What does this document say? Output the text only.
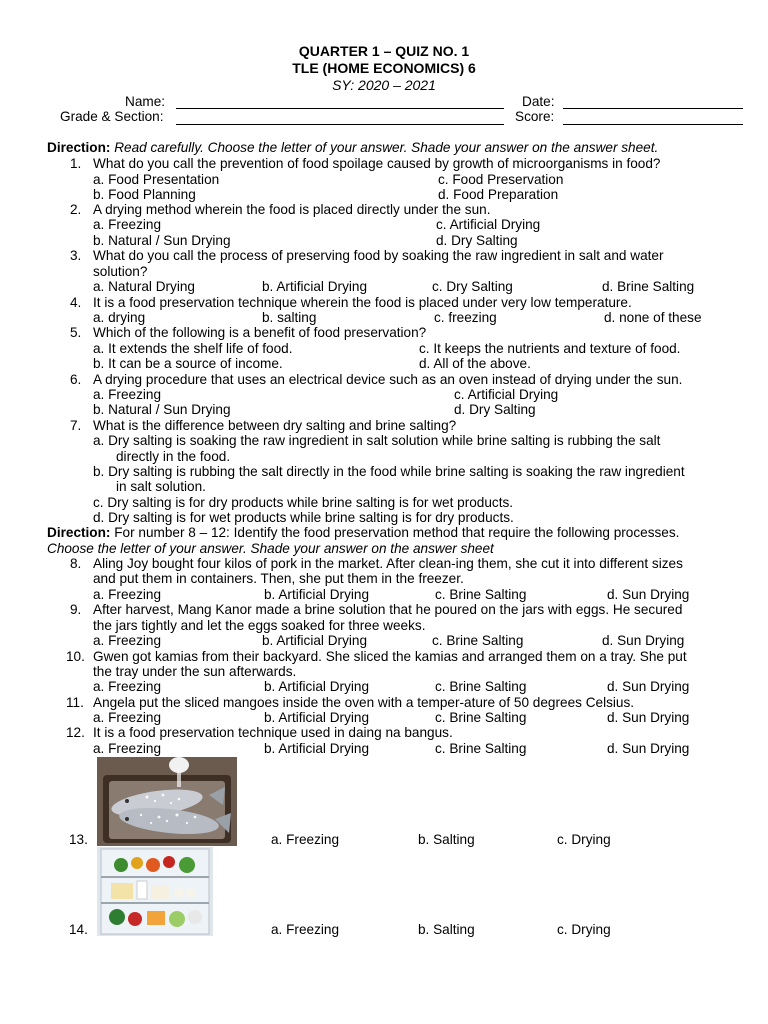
QUARTER 1 – QUIZ NO. 1
TLE (HOME ECONOMICS) 6
SY: 2020 – 2021
Name:	Date:
Grade & Section:	Score:
Direction: Read carefully. Choose the letter of your answer. Shade your answer on the answer sheet.
1. What do you call the prevention of food spoilage caused by growth of microorganisms in food?
a. Food Presentation	c. Food Preservation
b. Food Planning	d. Food Preparation
2. A drying method wherein the food is placed directly under the sun.
a. Freezing	c. Artificial Drying
b. Natural / Sun Drying	d. Dry Salting
3. What do you call the process of preserving food by soaking the raw ingredient in salt and water
solution?
a. Natural Drying	b. Artificial Drying	c. Dry Salting	d. Brine Salting
4. It is a food preservation technique wherein the food is placed under very low temperature.
a. drying	b. salting	c. freezing	d. none of these
5. Which of the following is a benefit of food preservation?
a. It extends the shelf life of food.	c. It keeps the nutrients and texture of food.
b. It can be a source of income.	d. All of the above.
6. A drying procedure that uses an electrical device such as an oven instead of drying under the sun.
a. Freezing	c. Artificial Drying
b. Natural / Sun Drying	d. Dry Salting
7. What is the difference between dry salting and brine salting?
a. Dry salting is soaking the raw ingredient in salt solution while brine salting is rubbing the salt
directly in the food.
b. Dry salting is rubbing the salt directly in the food while brine salting is soaking the raw ingredient
in salt solution.
c. Dry salting is for dry products while brine salting is for wet products.
d. Dry salting is for wet products while brine salting is for dry products.
Direction: For number 8 – 12: Identify the food preservation method that require the following processes.
Choose the letter of your answer. Shade your answer on the answer sheet
8. Aling Joy bought four kilos of pork in the market. After clean-ing them, she cut it into different sizes
and put them in containers. Then, she put them in the freezer.
a. Freezing	b. Artificial Drying	c. Brine Salting	d. Sun Drying
9. After harvest, Mang Kanor made a brine solution that he poured on the jars with eggs. He secured
the jars tightly and let the eggs soaked for three weeks.
a. Freezing	b. Artificial Drying	c. Brine Salting	d. Sun Drying
10. Gwen got kamias from their backyard. She sliced the kamias and arranged them on a tray. She put
the tray under the sun afterwards.
a. Freezing	b. Artificial Drying	c. Brine Salting	d. Sun Drying
11. Angela put the sliced mangoes inside the oven with a temper-ature of 50 degrees Celsius.
a. Freezing	b. Artificial Drying	c. Brine Salting	d. Sun Drying
12. It is a food preservation technique used in daing na bangus.
a. Freezing	b. Artificial Drying	c. Brine Salting	d. Sun Drying
13.	a. Freezing	b. Salting	c. Drying
14.	a. Freezing	b. Salting	c. Drying
